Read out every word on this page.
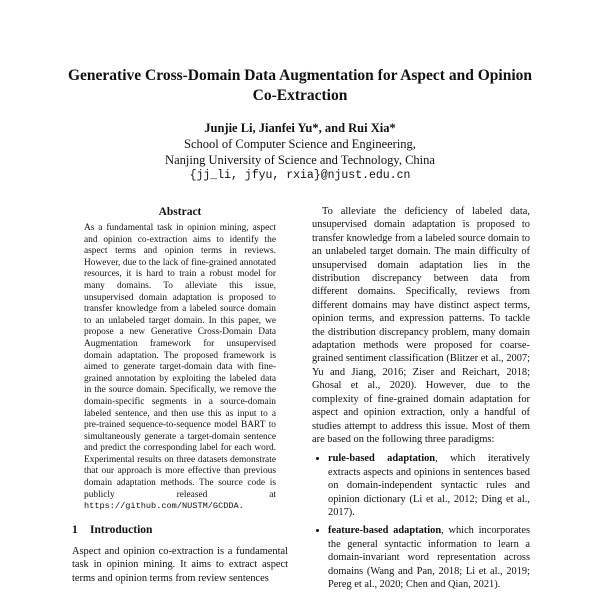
Generative Cross-Domain Data Augmentation for Aspect and Opinion
Co-Extraction
Junjie Li, Jianfei Yu*, and Rui Xia*
School of Computer Science and Engineering,
Nanjing University of Science and Technology, China
{jj_li, jfyu, rxia}@njust.edu.cn
Abstract
As a fundamental task in opinion mining, aspect and opinion co-extraction aims to identify the aspect terms and opinion terms in reviews. However, due to the lack of fine-grained annotated resources, it is hard to train a robust model for many domains. To alleviate this issue, unsupervised domain adaptation is proposed to transfer knowledge from a labeled source domain to an unlabeled target domain. In this paper, we propose a new Generative Cross-Domain Data Augmentation framework for unsupervised domain adaptation. The proposed framework is aimed to generate target-domain data with fine-grained annotation by exploiting the labeled data in the source domain. Specifically, we remove the domain-specific segments in a source-domain labeled sentence, and then use this as input to a pre-trained sequence-to-sequence model BART to simultaneously generate a target-domain sentence and predict the corresponding label for each word. Experimental results on three datasets demonstrate that our approach is more effective than previous domain adaptation methods. The source code is publicly released at https://github.com/NUSTM/GCDDA.
1 Introduction
Aspect and opinion co-extraction is a fundamental task in opinion mining. It aims to extract aspect terms and opinion terms from review sentences

To alleviate the deficiency of labeled data, unsupervised domain adaptation is proposed to transfer knowledge from a labeled source domain to an unlabeled target domain. The main difficulty of unsupervised domain adaptation lies in the distribution discrepancy between data from different domains. Specifically, reviews from different domains may have distinct aspect terms, opinion terms, and expression patterns. To tackle the distribution discrepancy problem, many domain adaptation methods were proposed for coarse-grained sentiment classification (Blitzer et al., 2007; Yu and Jiang, 2016; Ziser and Reichart, 2018; Ghosal et al., 2020). However, due to the complexity of fine-grained domain adaptation for aspect and opinion extraction, only a handful of studies attempt to address this issue. Most of them are based on the following three paradigms:

• rule-based adaptation, which iteratively extracts aspects and opinions in sentences based on domain-independent syntactic rules and opinion dictionary (Li et al., 2012; Ding et al., 2017).
• feature-based adaptation, which incorporates the general syntactic information to learn a domain-invariant word representation across domains (Wang and Pan, 2018; Li et al., 2019; Pereg et al., 2020; Chen and Qian, 2021).
